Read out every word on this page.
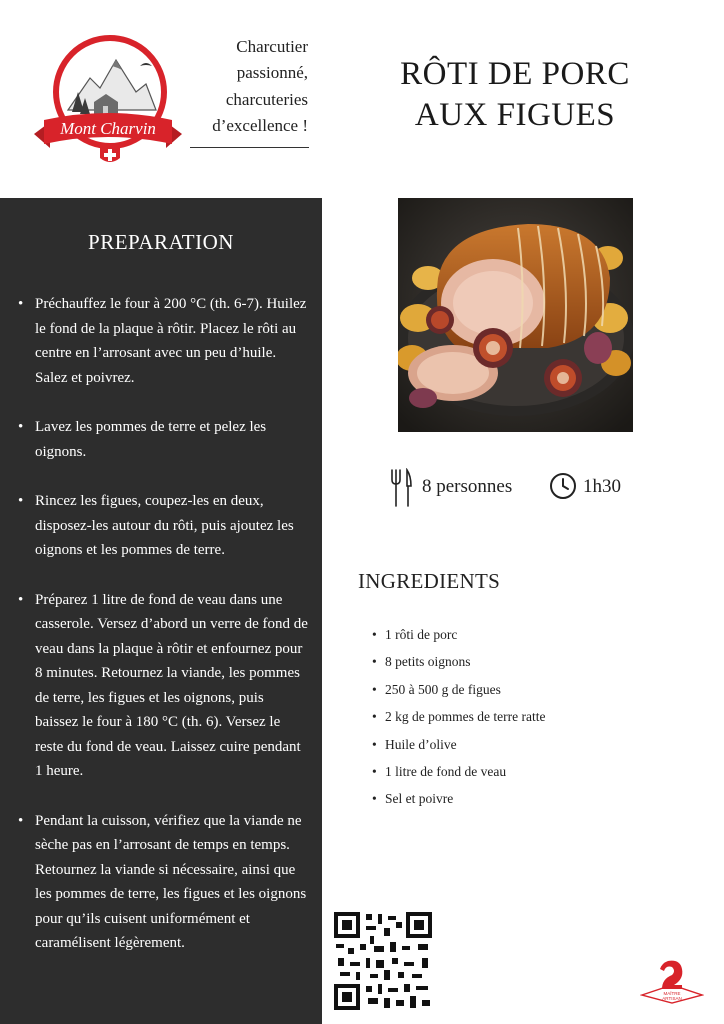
Mont Charvin

Charcutier
passionné,
charcuteries
d’excellence !

RÔTI DE PORC
AUX FIGUES
PREPARATION
• Préchauffez le four à 200 °C (th. 6-7). Huilez le fond de la plaque à rôtir. Placez le rôti au centre en l’arrosant avec un peu d’huile. Salez et poivrez.
• Lavez les pommes de terre et pelez les oignons.
• Rincez les figues, coupez-les en deux, disposez-les autour du rôti, puis ajoutez les oignons et les pommes de terre.
• Préparez 1 litre de fond de veau dans une casserole. Versez d’abord un verre de fond de veau dans la plaque à rôtir et enfournez pour 8 minutes. Retournez la viande, les pommes de terre, les figues et les oignons, puis baissez le four à 180 °C (th. 6). Versez le reste du fond de veau. Laissez cuire pendant 1 heure.
• Pendant la cuisson, vérifiez que la viande ne sèche pas en l’arrosant de temps en temps. Retournez la viande si nécessaire, ainsi que les pommes de terre, les figues et les oignons pour qu’ils cuisent uniformément et caramélisent légèrement.
8 personnes	1h30
INGREDIENTS
• 1 rôti de porc
• 8 petits oignons
• 250 à 500 g de figues
• 2 kg de pommes de terre ratte
• Huile d’olive
• 1 litre de fond de veau
• Sel et poivre
MAÎTRE
ARTISAN
